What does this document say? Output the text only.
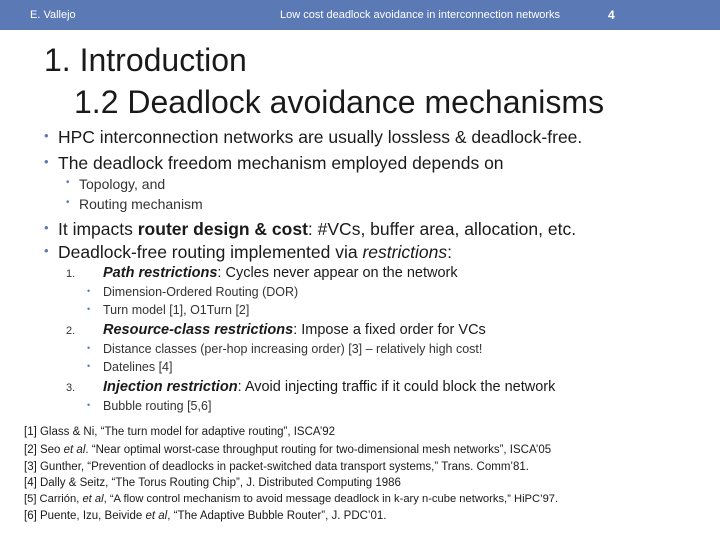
E. Vallejo	Low cost deadlock avoidance in interconnection networks	4
1. Introduction
1.2 Deadlock avoidance mechanisms
• HPC interconnection networks are usually lossless & deadlock-free.
• The deadlock freedom mechanism employed depends on
• Topology, and
• Routing mechanism
• It impacts router design & cost: #VCs, buffer area, allocation, etc.
• Deadlock-free routing implemented via restrictions:
1. Path restrictions: Cycles never appear on the network
• Dimension-Ordered Routing (DOR)
• Turn model [1], O1Turn [2]
2. Resource-class restrictions: Impose a fixed order for VCs
• Distance classes (per-hop increasing order) [3] – relatively high cost!
• Datelines [4]
3. Injection restriction: Avoid injecting traffic if it could block the network
• Bubble routing [5,6]
[1] Glass & Ni, “The turn model for adaptive routing”, ISCA’92
[2] Seo et al. “Near optimal worst-case throughput routing for two-dimensional mesh networks”, ISCA’05
[3] Gunther, “Prevention of deadlocks in packet-switched data transport systems,” Trans. Comm’81.
[4] Dally & Seitz, “The Torus Routing Chip”, J. Distributed Computing 1986
[5] Carrión, et al, “A flow control mechanism to avoid message deadlock in k-ary n-cube networks,” HiPC’97.
[6] Puente, Izu, Beivide et al, “The Adaptive Bubble Router”, J. PDC’01.
